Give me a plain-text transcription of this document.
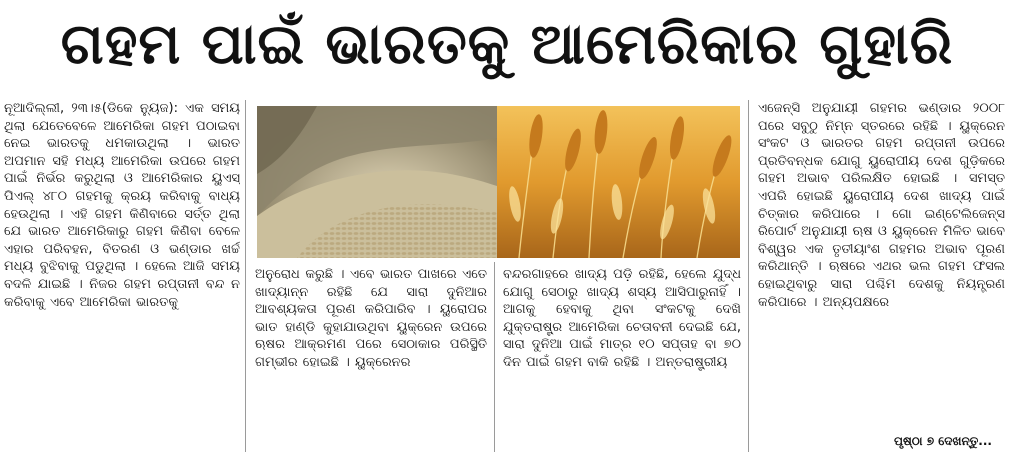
ଗହମ ପାଇଁ ଭାରତକୁ ଆମେରିକାର ଗୁହାରି
ନୂଆଦିଲ୍ଲୀ, ୨୩।୫(ଡିକେ ନ୍ୟୁଜ): ଏକ ସମୟ ଥିଲା ଯେତେବେଳେ ଆମେରିକା ଗହମ ପଠାଇବା ନେଇ ଭାରତକୁ ଧମକାଉଥିଲା । ଭାରତ ଅପମାନ ସହି ମଧ୍ୟ ଆମେରିକା ଉପରେ ଗହମ ପାଇଁ ନିର୍ଭର କରୁଥିଲା ଓ ଆମେରିକାର ୟୁଏସ୍ ପିଏଲ୍ ୪୮୦ ଗହମକୁ କ୍ରୟ କରିବାକୁ ବାଧ୍ୟ ହେଉଥିଲା । ଏହି ଗହମ କିଣିବାରେ ସର୍ତ୍ତ ଥିଲା ଯେ ଭାରତ ଆମେରିକାରୁ ଗହମ କିଣିବା ବେଳେ ଏହାର ପରିବହନ, ବିତରଣ ଓ ଭଣ୍ଡାର ଖର୍ଚ୍ଚ ମଧ୍ୟ ବୁଝିବାକୁ ପଡୁଥିଲା । ହେଲେ ଆଜି ସମୟ ବଦଳି ଯାଇଛି । ନିଜର ଗହମ ରପ୍ତାନୀ ବନ୍ଦ ନ କରିବାକୁ ଏବେ ଆମେରିକା ଭାରତକୁ
ଅନୁରୋଧ କରୁଛି । ଏବେ ଭାରତ ପାଖରେ ଏତେ ଖାଦ୍ୟାନ୍ନ ରହିଛି ଯେ ସାରା ଦୁନିଆର ଆବଶ୍ୟକତା ପୂରଣ କରିପାରିବ । ୟୁରୋପର ଭାତ ହାଣ୍ଡି କୁହାଯାଉଥିବା ୟୁକ୍ରେନ ଉପରେ ଋଷର ଆକ୍ରମଣ ପରେ ସେଠାକାର ପରିସ୍ଥିତି ଗମ୍ଭୀର ହୋଇଛି । ୟୁକ୍ରେନର
ବନ୍ଦରଗାହରେ ଖାଦ୍ୟ ପଡ଼ି ରହିଛି, ହେଲେ ଯୁଦ୍ଧ ଯୋଗୁ ସେଠାରୁ ଖାଦ୍ୟ ଶସ୍ୟ ଆସିପାରୁନାହିଁ । ଆଗକୁ ହେବାକୁ ଥିବା ସଂକଟକୁ ଦେଖି ଯୁକ୍ତରାଷ୍ଟ୍ର ଆମେରିକା ଚେତାବନୀ ଦେଇଛି ଯେ, ସାରା ଦୁନିଆ ପାଇଁ ମାତ୍ର ୧୦ ସପ୍ତାହ ବା ୭୦ ଦିନ ପାଇଁ ଗହମ ବାକି ରହିଛି । ଅନ୍ତରାଷ୍ଟ୍ରୀୟ
ଏଜେନ୍ସି ଅନୁଯାୟୀ ଗହମର ଭଣ୍ଡାର ୨୦୦୮ ପରେ ସବୁଠୁ ନିମ୍ନ ସ୍ତରରେ ରହିଛି । ୟୁକ୍ରେନ ସଂକଟ ଓ ଭାରତର ଗହମ ରପ୍ତାନୀ ଉପରେ ପ୍ରତିବନ୍ଧକ ଯୋଗୁ ୟୁରୋପୀୟ ଦେଶ ଗୁଡ଼ିକରେ ଗହମ ଅଭାବ ପରିଲକ୍ଷିତ ହୋଇଛି । ସମସ୍ତ ଏପରି ହୋଇଛି ୟୁରୋପୀୟ ଦେଶ ଖାଦ୍ୟ ପାଇଁ ଚିତ୍କାର କରିପାରେ । ଗୋ ଇଣ୍ଟେଲିଜେନ୍ସ ରିପୋର୍ଟ ଅନୁଯାୟୀ ଋଷ ଓ ୟୁକ୍ରେନ ମିଳିତ ଭାବେ ବିଶ୍ୱର ଏକ ତୃତୀୟାଂଶ ଗହମର ଅଭାବ ପୂରଣ କରିଥାନ୍ତି । ଋଷରେ ଏଥର ଭଲ ଗହମ ଫସଲ ହୋଇଥିବାରୁ ସାରା ପଶ୍ଚିମ ଦେଶକୁ ନିୟନ୍ତ୍ରଣ କରିପାରେ । ଅନ୍ୟପକ୍ଷରେ
ପୃଷ୍ଠା ୭ ଦେଖନ୍ତୁ...
